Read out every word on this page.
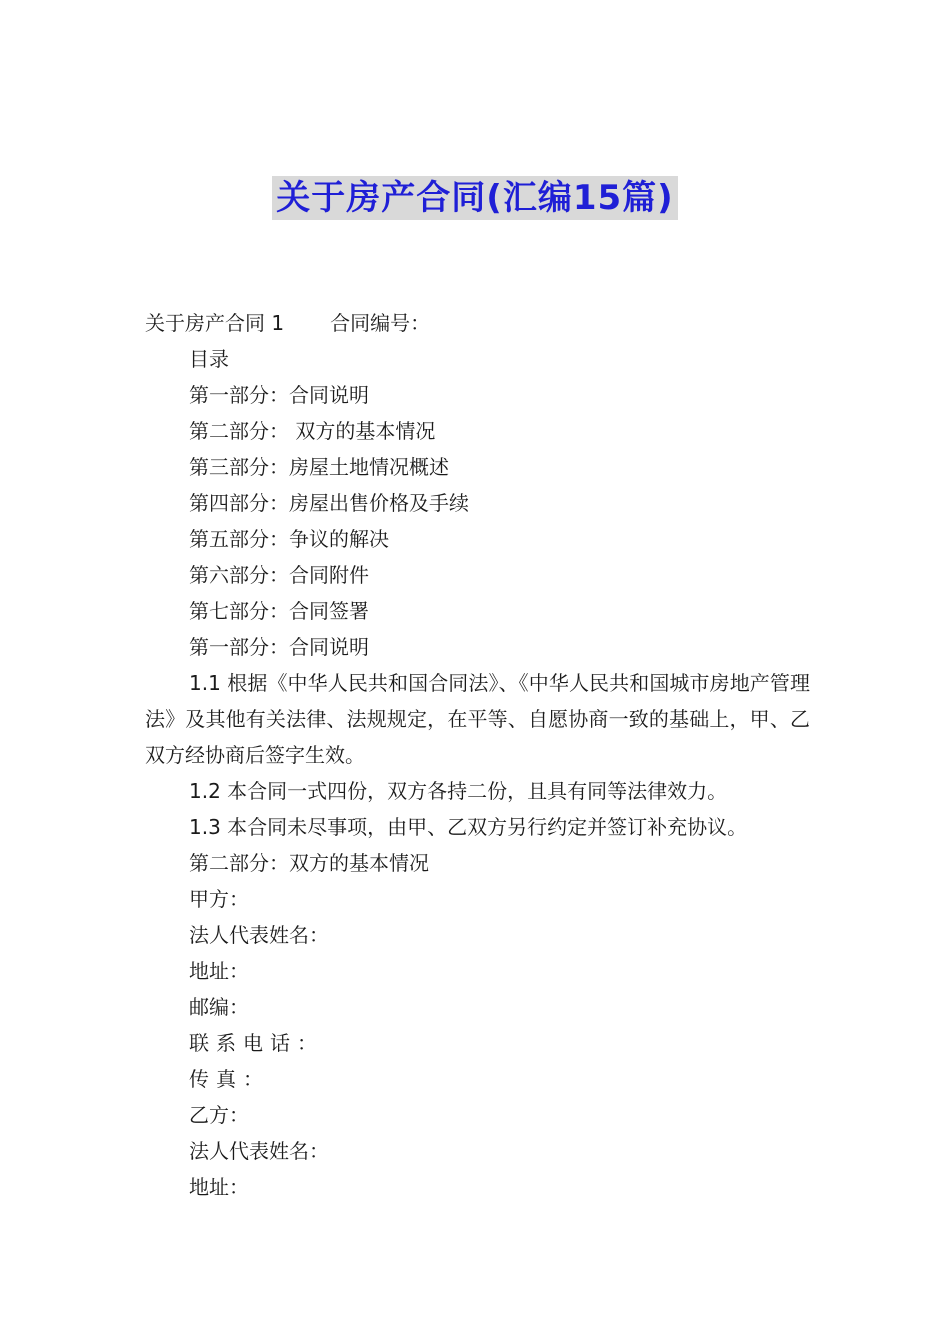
关于房产合同(汇编15篇)
关于房产合同 1 合同编号：
目录
第一部分：合同说明
第二部分： 双方的基本情况
第三部分：房屋土地情况概述
第四部分：房屋出售价格及手续
第五部分：争议的解决
第六部分：合同附件
第七部分：合同签署
第一部分：合同说明
1.1 根据《中华人民共和国合同法》、《中华人民共和国城市房地产管理法》及其他有关法律、法规规定，在平等、自愿协商一致的基础上，甲、乙双方经协商后签字生效。
1.2 本合同一式四份，双方各持二份，且具有同等法律效力。
1.3 本合同未尽事项，由甲、乙双方另行约定并签订补充协议。
第二部分：双方的基本情况
甲方：
法人代表姓名：
地址：
邮编：
联系电话：
传真：
乙方：
法人代表姓名：
地址：
